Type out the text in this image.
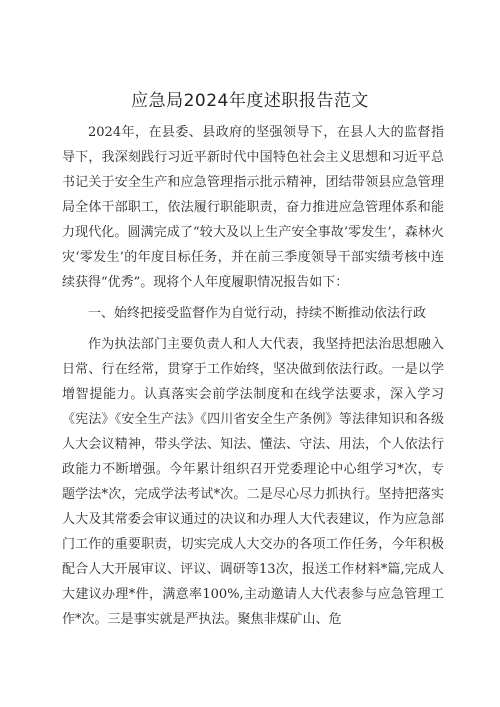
应急局2024年度述职报告范文

2024年，在县委、县政府的坚强领导下，在县人大的监督指导下，我深刻践行习近平新时代中国特色社会主义思想和习近平总书记关于安全生产和应急管理指示批示精神，团结带领县应急管理局全体干部职工，依法履行职能职责，奋力推进应急管理体系和能力现代化。圆满完成了“较大及以上生产安全事故’零发生’，森林火灾‘零发生’的年度目标任务，并在前三季度领导干部实绩考核中连续获得“优秀”。现将个人年度履职情况报告如下：

一、始终把接受监督作为自觉行动，持续不断推动依法行政

作为执法部门主要负责人和人大代表，我坚持把法治思想融入日常、行在经常，贯穿于工作始终，坚决做到依法行政。一是以学增智提能力。认真落实会前学法制度和在线学法要求，深入学习《宪法》《安全生产法》《四川省安全生产条例》等法律知识和各级人大会议精神，带头学法、知法、懂法、守法、用法，个人依法行政能力不断增强。今年累计组织召开党委理论中心组学习*次，专题学法*次，完成学法考试*次。二是尽心尽力抓执行。坚持把落实人大及其常委会审议通过的决议和办理人大代表建议，作为应急部门工作的重要职责，切实完成人大交办的各项工作任务，今年积极配合人大开展审议、评议、调研等13次，报送工作材料*篇,完成人大建议办理*件，满意率100%,主动邀请人大代表参与应急管理工作*次。三是事实就是严执法。聚焦非煤矿山、危
